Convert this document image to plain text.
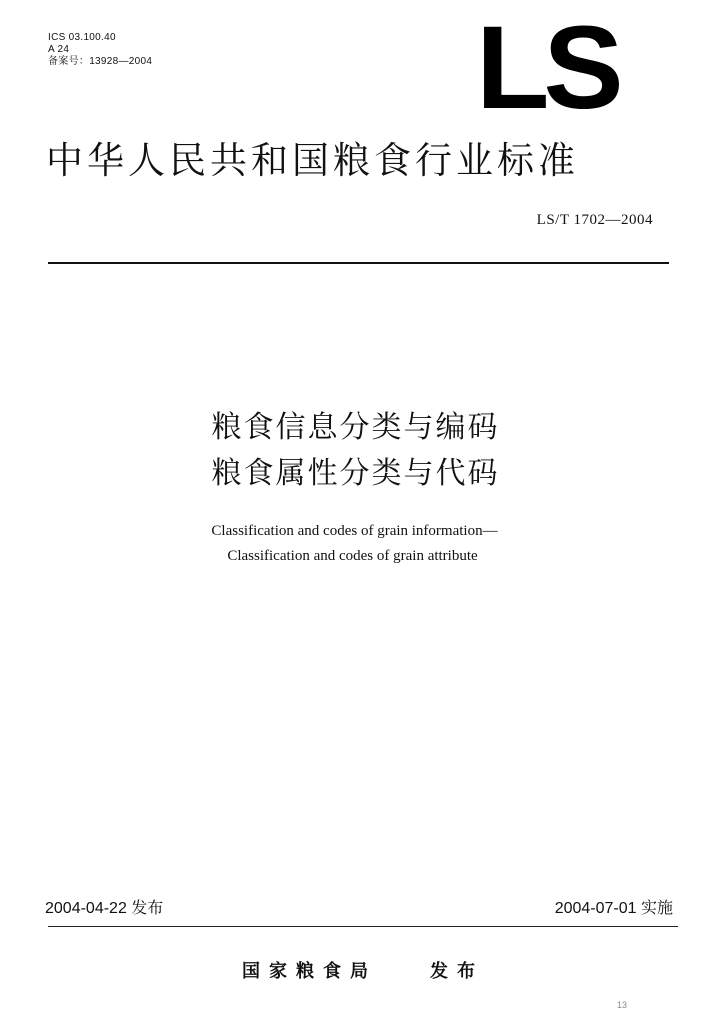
ICS 03.100.40
A 24
备案号：13928—2004	LS
中华人民共和国粮食行业标准
LS/T 1702—2004
粮食信息分类与编码
粮食属性分类与代码
Classification and codes of grain information—
Classification and codes of grain attribute
2004-04-22 发布	2004-07-01 实施
国家粮食局	发布
13
